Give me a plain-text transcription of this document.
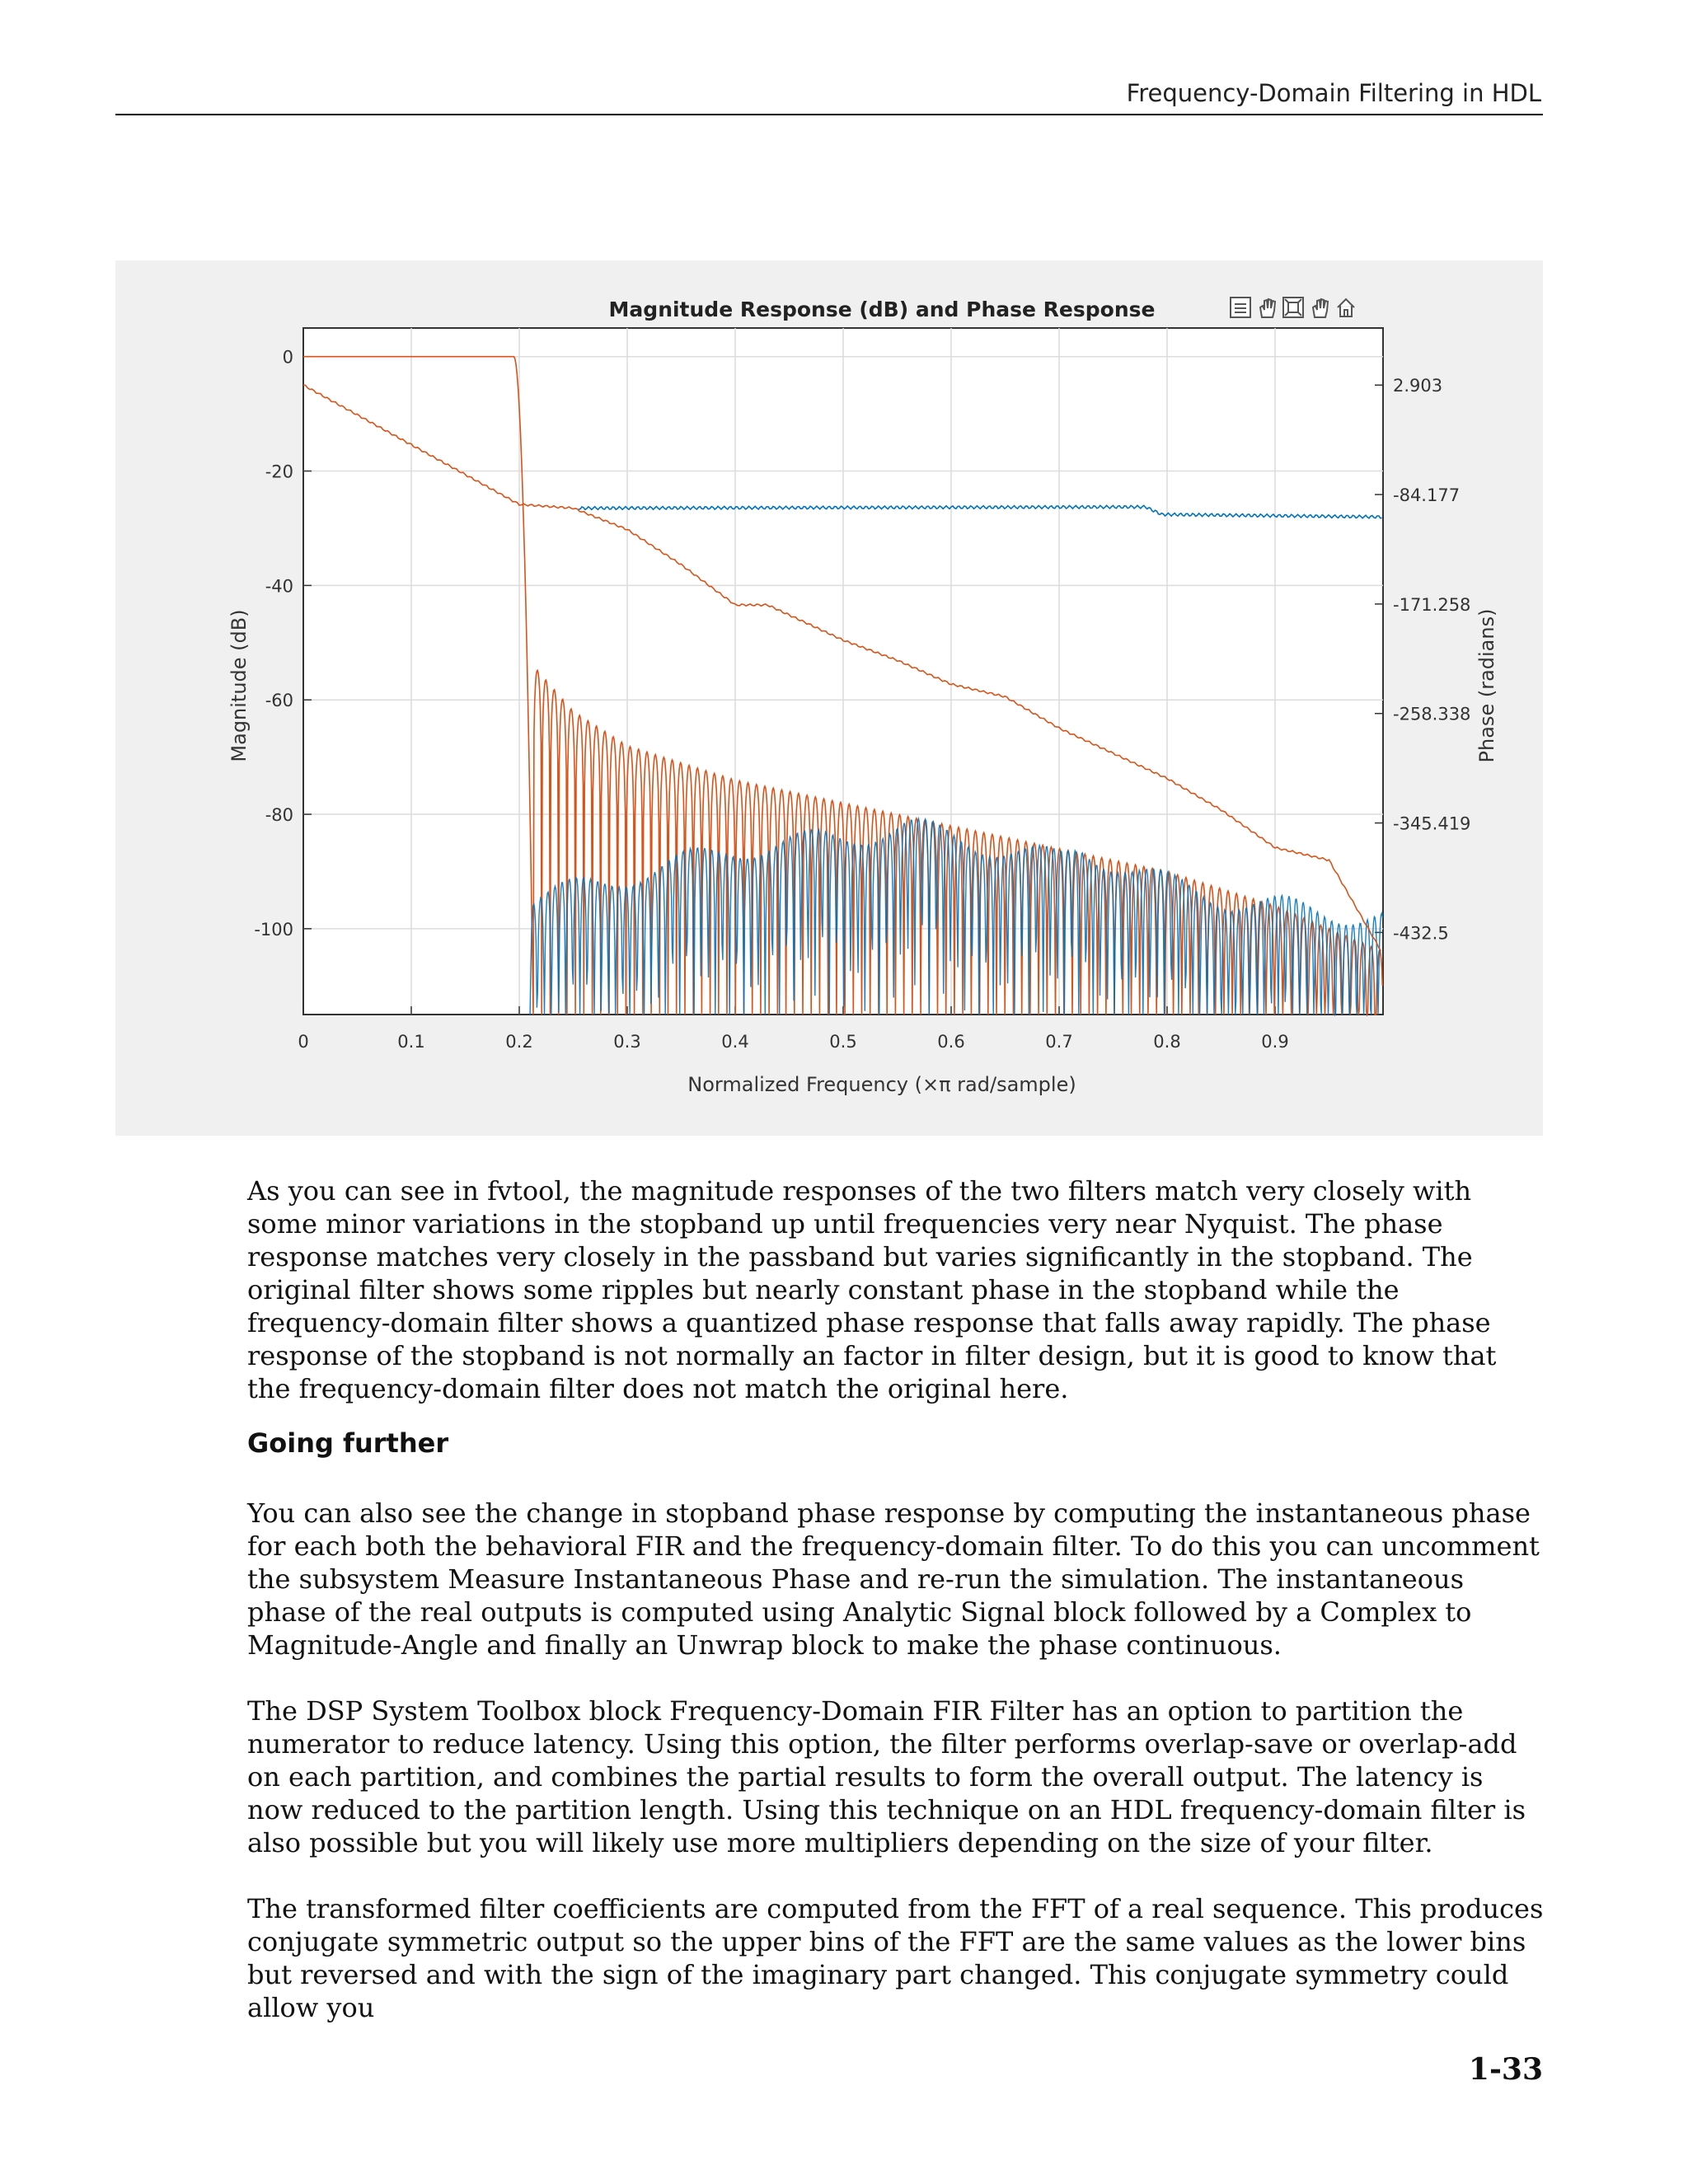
Frequency-Domain Filtering in HDL
Magnitude Response (dB) and Phase Response
0	0.1	0.2	0.3	0.4	0.5	0.6	0.7	0.8	0.9
0
-20
-40
-60
-80
-100
2.903
-84.177
-171.258
-258.338
-345.419
-432.5
Normalized Frequency (×π rad/sample)
Magnitude (dB)	Phase (radians)

As you can see in fvtool, the magnitude responses of the two filters match very closely with some minor variations in the stopband up until frequencies very near Nyquist. The phase response matches very closely in the passband but varies significantly in the stopband. The original filter shows some ripples but nearly constant phase in the stopband while the frequency-domain filter shows a quantized phase response that falls away rapidly. The phase response of the stopband is not normally an factor in filter design, but it is good to know that the frequency-domain filter does not match the original here.

Going further

You can also see the change in stopband phase response by computing the instantaneous phase for each both the behavioral FIR and the frequency-domain filter. To do this you can uncomment the subsystem Measure Instantaneous Phase and re-run the simulation. The instantaneous phase of the real outputs is computed using Analytic Signal block followed by a Complex to Magnitude-Angle and finally an Unwrap block to make the phase continuous.

The DSP System Toolbox block Frequency-Domain FIR Filter has an option to partition the numerator to reduce latency. Using this option, the filter performs overlap-save or overlap-add on each partition, and combines the partial results to form the overall output. The latency is now reduced to the partition length. Using this technique on an HDL frequency-domain filter is also possible but you will likely use more multipliers depending on the size of your filter.

The transformed filter coefficients are computed from the FFT of a real sequence. This produces conjugate symmetric output so the upper bins of the FFT are the same values as the lower bins but reversed and with the sign of the imaginary part changed. This conjugate symmetry could allow you

1-33
